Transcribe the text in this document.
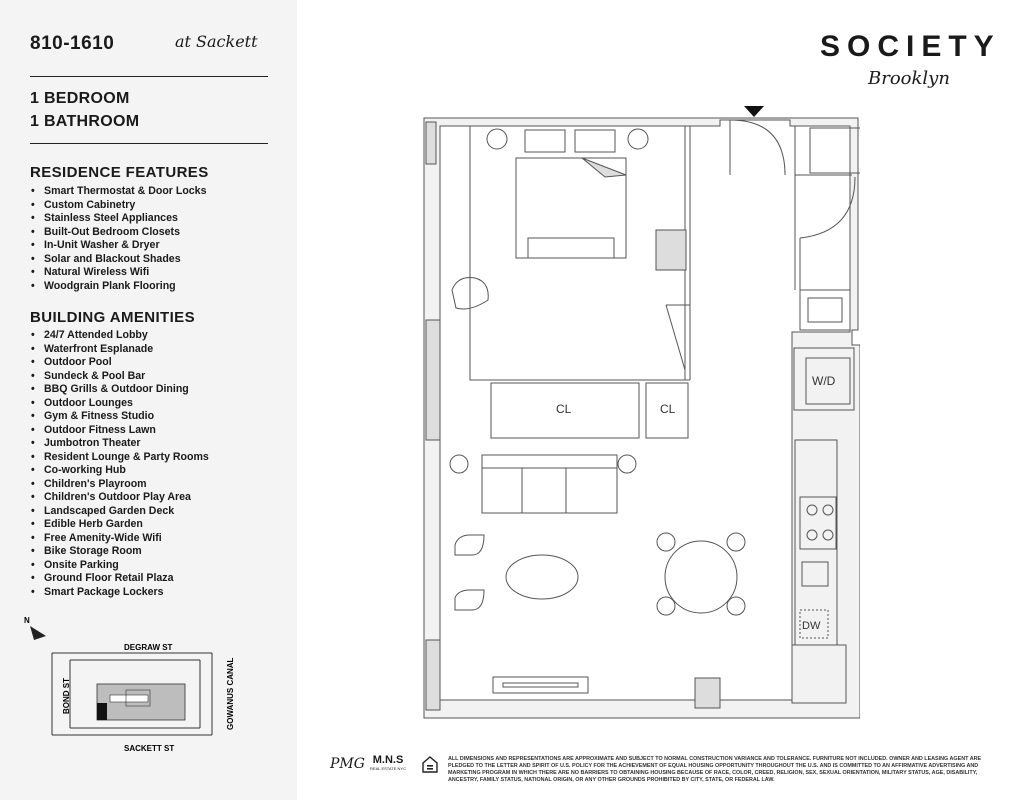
810-1610	at Sackett
1 BEDROOM
1 BATHROOM
RESIDENCE FEATURES
• Smart Thermostat & Door Locks
• Custom Cabinetry
• Stainless Steel Appliances
• Built-Out Bedroom Closets
• In-Unit Washer & Dryer
• Solar and Blackout Shades
• Natural Wireless Wifi
• Woodgrain Plank Flooring
BUILDING AMENITIES
• 24/7 Attended Lobby
• Waterfront Esplanade
• Outdoor Pool
• Sundeck & Pool Bar
• BBQ Grills & Outdoor Dining
• Outdoor Lounges
• Gym & Fitness Studio
• Outdoor Fitness Lawn
• Jumbotron Theater
• Resident Lounge & Party Rooms
• Co-working Hub
• Children's Playroom
• Children's Outdoor Play Area
• Landscaped Garden Deck
• Edible Herb Garden
• Free Amenity-Wide Wifi
• Bike Storage Room
• Onsite Parking
• Ground Floor Retail Plaza
• Smart Package Lockers
N
DEGRAW ST
SACKETT ST
BOND ST	GOWANUS CANAL
SOCIETY
Brooklyn
CL	CL
W/D
DW
PMG M.N.S
REAL ESTATE NYC
ALL DIMENSIONS AND REPRESENTATIONS ARE APPROXIMATE AND SUBJECT TO NORMAL CONSTRUCTION VARIANCE AND TOLERANCE. FURNITURE NOT INCLUDED. OWNER AND LEASING AGENT ARE PLEDGED TO THE LETTER AND SPIRIT OF U.S. POLICY FOR THE ACHIEVEMENT OF EQUAL HOUSING OPPORTUNITY THROUGHOUT THE U.S. AND IS COMMITTED TO AN AFFIRMATIVE ADVERTISING AND MARKETING PROGRAM IN WHICH THERE ARE NO BARRIERS TO OBTAINING HOUSING BECAUSE OF RACE, COLOR, CREED, RELIGION, SEX, SEXUAL ORIENTATION, MILITARY STATUS, AGE, DISABILITY, ANCESTRY, FAMILY STATUS, NATIONAL ORIGIN, OR ANY OTHER GROUNDS PROHIBITED BY CITY, STATE, OR FEDERAL LAW.
